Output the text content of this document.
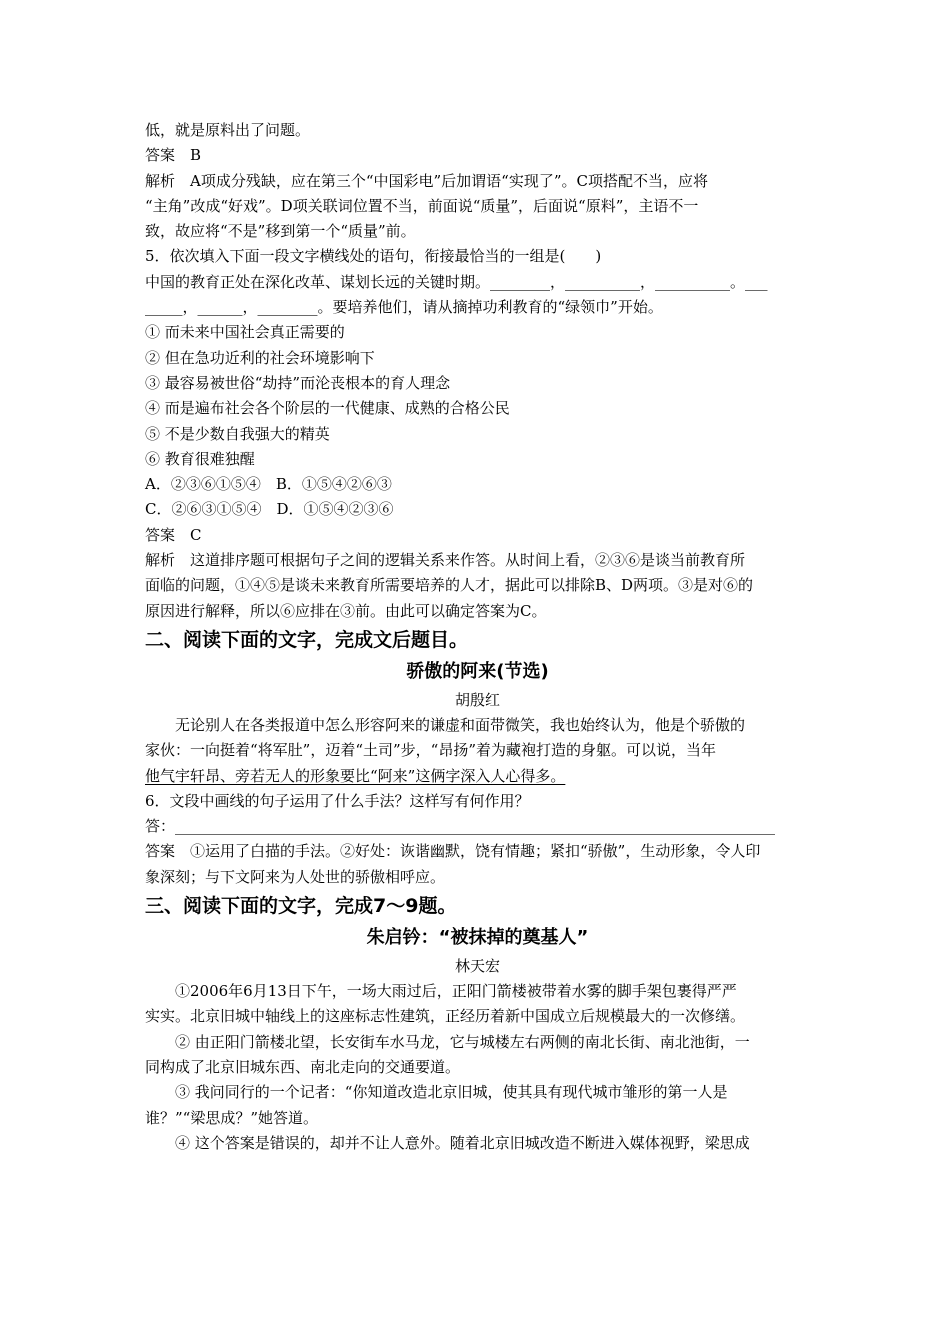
低，就是原料出了问题。

答案　B

解析　A项成分残缺，应在第三个“中国彩电”后加谓语“实现了”。C项搭配不当，应将

“主角”改成“好戏”。D项关联词位置不当，前面说“质量”，后面说“原料”，主语不一

致，故应将“不是”移到第一个“质量”前。

5．依次填入下面一段文字横线处的语句，衔接最恰当的一组是(　　)

中国的教育正处在深化改革、谋划长远的关键时期。________，__________，__________。___

_____，______，________。要培养他们，请从摘掉功利教育的“绿领巾”开始。

① 而未来中国社会真正需要的

② 但在急功近利的社会环境影响下

③ 最容易被世俗“劫持”而沦丧根本的育人理念

④ 而是遍布社会各个阶层的一代健康、成熟的合格公民

⑤ 不是少数自我强大的精英

⑥ 教育很难独醒

A．②③⑥①⑤④　B．①⑤④②⑥③

C．②⑥③①⑤④　D．①⑤④②③⑥

答案　C

解析　这道排序题可根据句子之间的逻辑关系来作答。从时间上看，②③⑥是谈当前教育所

面临的问题，①④⑤是谈未来教育所需要培养的人才，据此可以排除B、D两项。③是对⑥的

原因进行解释，所以⑥应排在③前。由此可以确定答案为C。

二、阅读下面的文字，完成文后题目。

骄傲的阿来(节选)

胡殷红

无论别人在各类报道中怎么形容阿来的谦虚和面带微笑，我也始终认为，他是个骄傲的

家伙：一向挺着“将军肚”，迈着“土司”步，“昂扬”着为藏袍打造的身躯。可以说，当年

他气宇轩昂、旁若无人的形象要比“阿来”这俩字深入人心得多。

6．文段中画线的句子运用了什么手法？这样写有何作用？

答：________________________________________________________________________________

答案　①运用了白描的手法。②好处：诙谐幽默，饶有情趣；紧扣“骄傲”，生动形象，令人印

象深刻；与下文阿来为人处世的骄傲相呼应。

三、阅读下面的文字，完成7～9题。

朱启钤：“被抹掉的奠基人”

林天宏

①2006年6月13日下午，一场大雨过后，正阳门箭楼被带着水雾的脚手架包裹得严严

实实。北京旧城中轴线上的这座标志性建筑，正经历着新中国成立后规模最大的一次修缮。

② 由正阳门箭楼北望，长安街车水马龙，它与城楼左右两侧的南北长街、南北池街，一

同构成了北京旧城东西、南北走向的交通要道。

③ 我问同行的一个记者：“你知道改造北京旧城，使其具有现代城市雏形的第一人是

谁？”“梁思成？”她答道。

④ 这个答案是错误的，却并不让人意外。随着北京旧城改造不断进入媒体视野，梁思成
